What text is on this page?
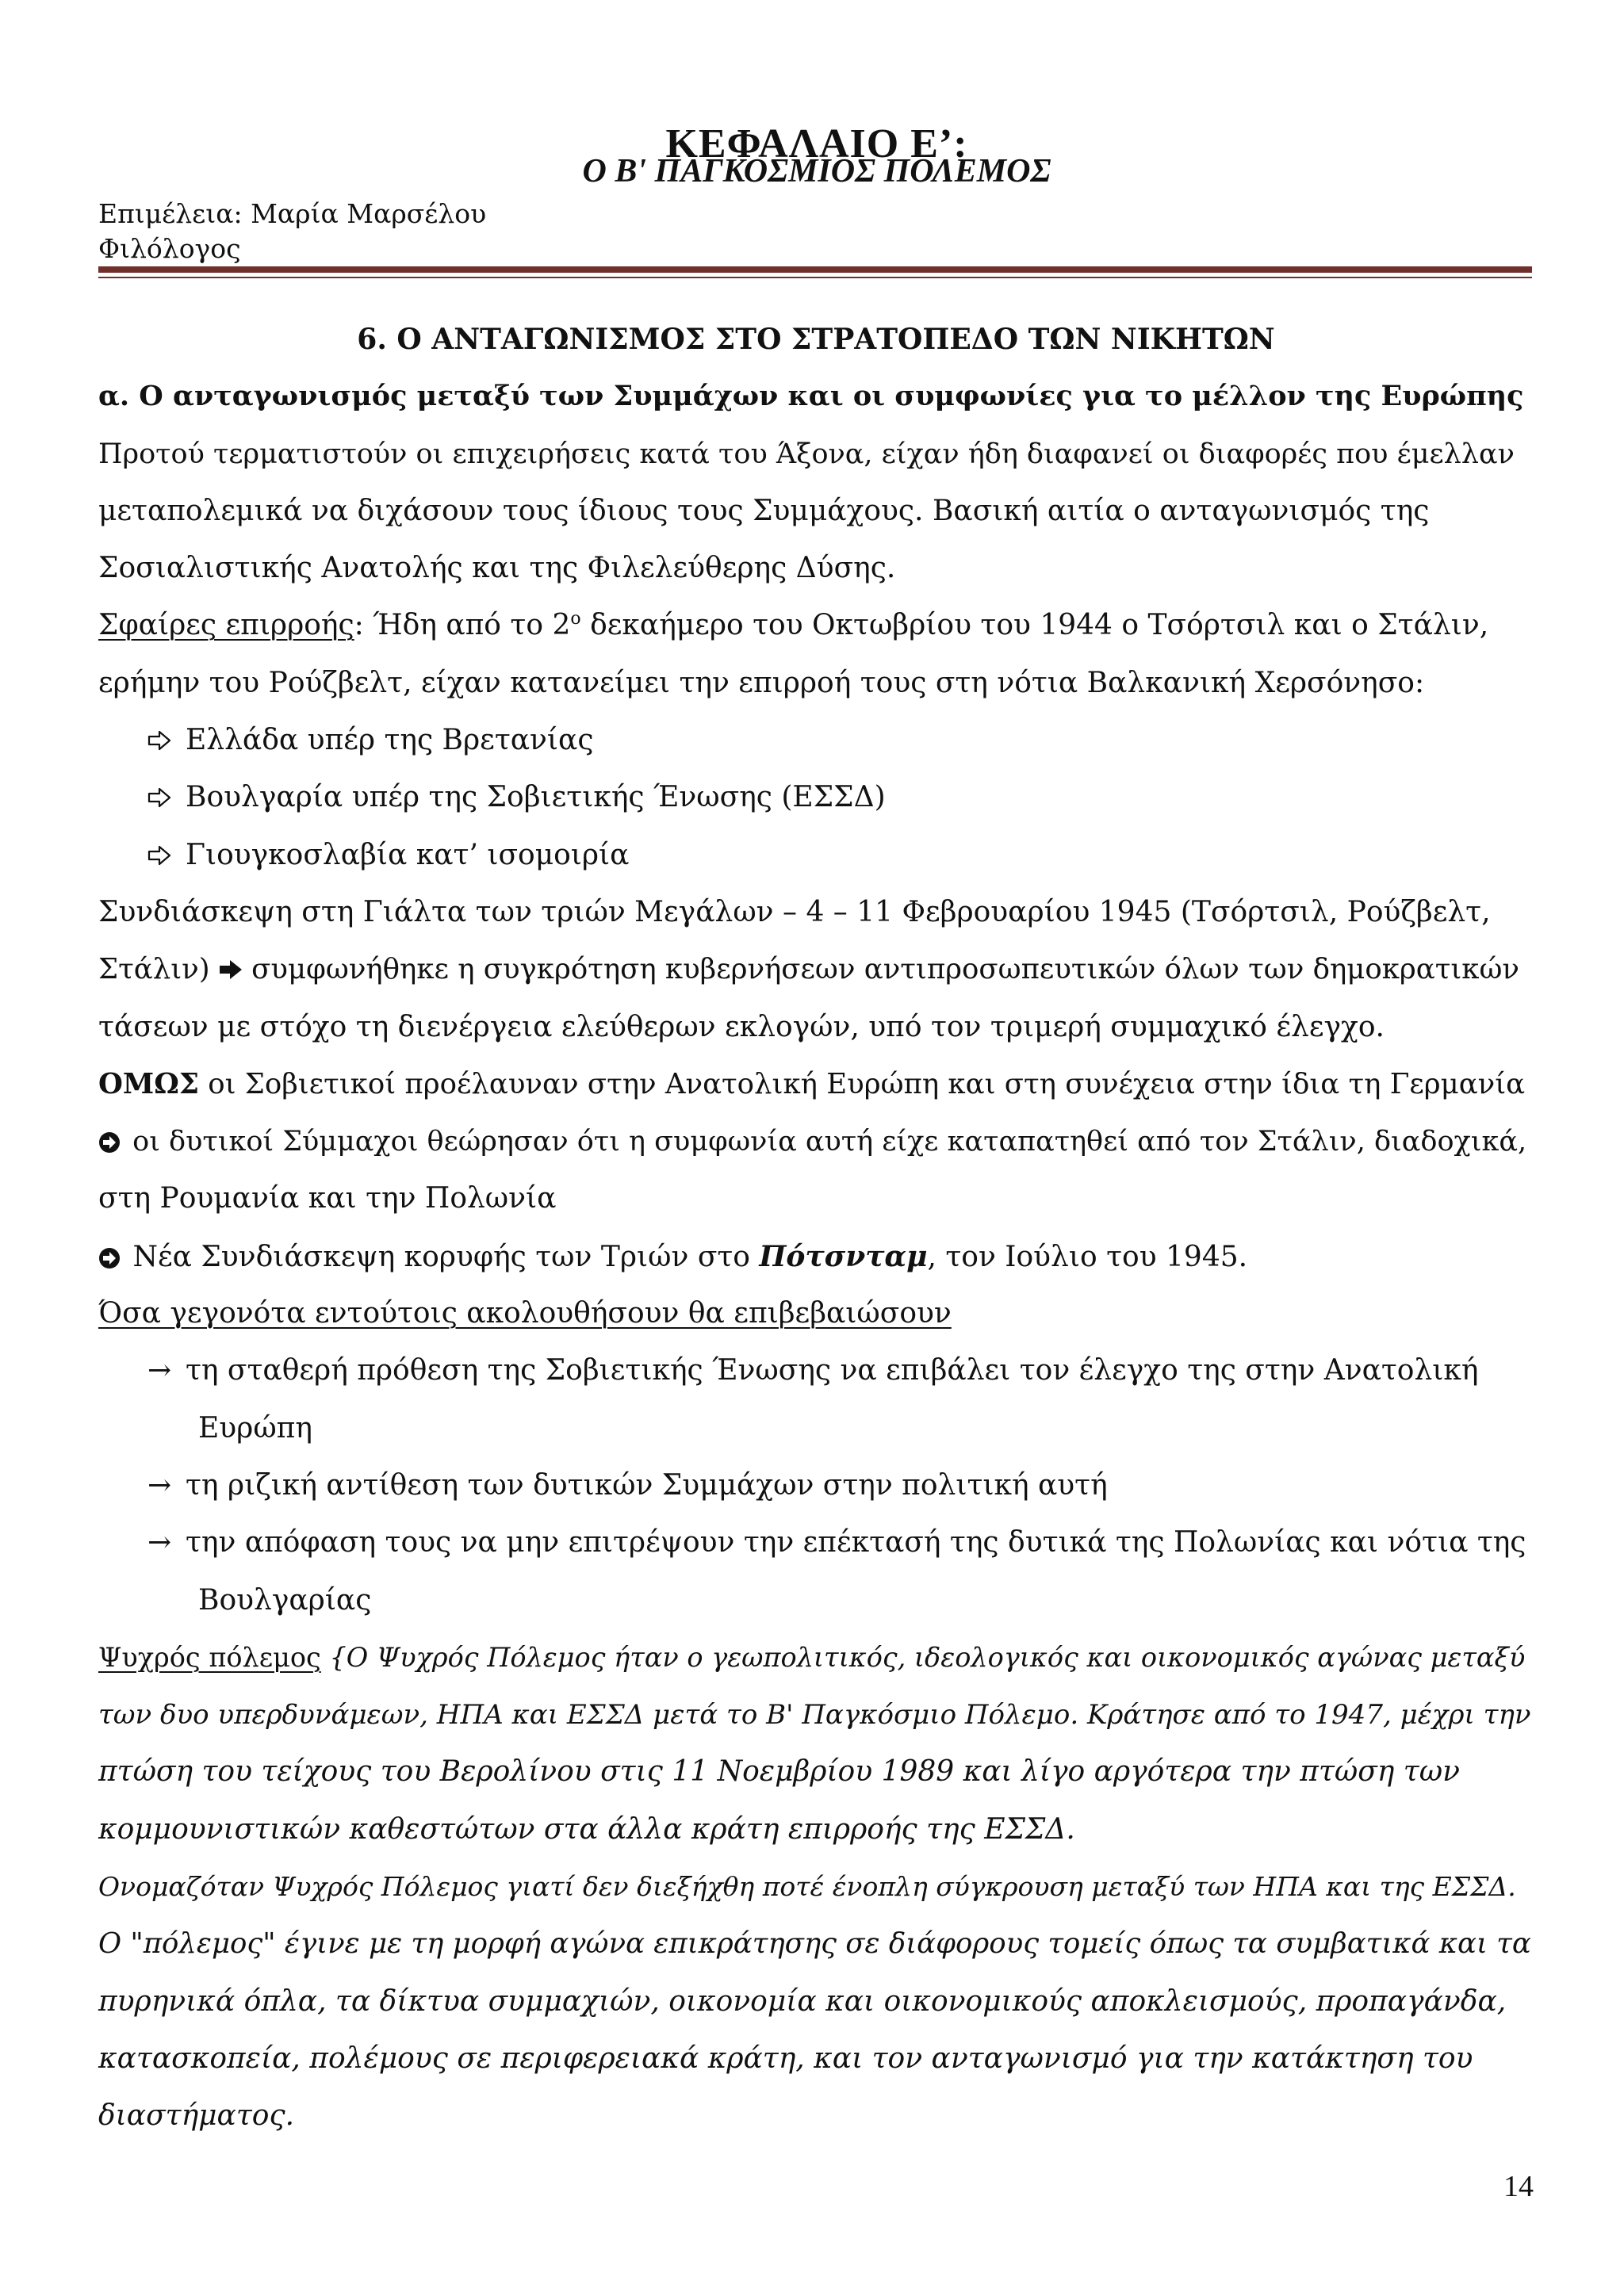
ΚΕΦΑΛΑΙΟ Ε’:
Ο Β' ΠΑΓΚΟΣΜΙΟΣ ΠΟΛΕΜΟΣ
Επιμέλεια: Μαρία Μαρσέλου
Φιλόλογος
6. Ο ΑΝΤΑΓΩΝΙΣΜΟΣ ΣΤΟ ΣΤΡΑΤΟΠΕΔΟ ΤΩΝ ΝΙΚΗΤΩΝ
α. Ο ανταγωνισμός μεταξύ των Συμμάχων και οι συμφωνίες για το μέλλον της Ευρώπης
Προτού τερματιστούν οι επιχειρήσεις κατά του Άξονα, είχαν ήδη διαφανεί οι διαφορές που έμελλαν
μεταπολεμικά να διχάσουν τους ίδιους τους Συμμάχους. Βασική αιτία ο ανταγωνισμός της
Σοσιαλιστικής Ανατολής και της Φιλελεύθερης Δύσης.
Σφαίρες επιρροής: Ήδη από το $2^o$ δεκαήμερο του Οκτωβρίου του 1944 ο Τσόρτσιλ και ο Στάλιν,
ερήμην του Ρούζβελτ, είχαν κατανείμει την επιρροή τους στη νότια Βαλκανική Χερσόνησο:
Ελλάδα υπέρ της Βρετανίας
Βουλγαρία υπέρ της Σοβιετικής Ένωσης (ΕΣΣΔ)
Γιουγκοσλαβία κατ’ ισομοιρία
Συνδιάσκεψη στη Γιάλτα των τριών Μεγάλων – 4 – 11 Φεβρουαρίου 1945 (Τσόρτσιλ, Ρούζβελτ,
Στάλιν)  συμφωνήθηκε η συγκρότηση κυβερνήσεων αντιπροσωπευτικών όλων των δημοκρατικών
τάσεων με στόχο τη διενέργεια ελεύθερων εκλογών, υπό τον τριμερή συμμαχικό έλεγχο.
ΟΜΩΣ οι Σοβιετικοί προέλαυναν στην Ανατολική Ευρώπη και στη συνέχεια στην ίδια τη Γερμανία
οι δυτικοί Σύμμαχοι θεώρησαν ότι η συμφωνία αυτή είχε καταπατηθεί από τον Στάλιν, διαδοχικά,
στη Ρουμανία και την Πολωνία
Νέα Συνδιάσκεψη κορυφής των Τριών στο Πότσνταμ, τον Ιούλιο του 1945.
Όσα γεγονότα εντούτοις ακολουθήσουν θα επιβεβαιώσουν
→ τη σταθερή πρόθεση της Σοβιετικής Ένωσης να επιβάλει τον έλεγχο της στην Ανατολική
Ευρώπη
→ τη ριζική αντίθεση των δυτικών Συμμάχων στην πολιτική αυτή
→ την απόφαση τους να μην επιτρέψουν την επέκτασή της δυτικά της Πολωνίας και νότια της
Βουλγαρίας
Ψυχρός πόλεμος {Ο Ψυχρός Πόλεμος ήταν ο γεωπολιτικός, ιδεολογικός και οικονομικός αγώνας μεταξύ
των δυο υπερδυνάμεων, ΗΠΑ και ΕΣΣΔ μετά το Β' Παγκόσμιο Πόλεμο. Κράτησε από το 1947, μέχρι την
πτώση του τείχους του Βερολίνου στις 11 Νοεμβρίου 1989 και λίγο αργότερα την πτώση των
κομμουνιστικών καθεστώτων στα άλλα κράτη επιρροής της ΕΣΣΔ.
Ονομαζόταν Ψυχρός Πόλεμος γιατί δεν διεξήχθη ποτέ ένοπλη σύγκρουση μεταξύ των ΗΠΑ και της ΕΣΣΔ.
Ο "πόλεμος" έγινε με τη μορφή αγώνα επικράτησης σε διάφορους τομείς όπως τα συμβατικά και τα
πυρηνικά όπλα, τα δίκτυα συμμαχιών, οικονομία και οικονομικούς αποκλεισμούς, προπαγάνδα,
κατασκοπεία, πολέμους σε περιφερειακά κράτη, και τον ανταγωνισμό για την κατάκτηση του
διαστήματος.
14
